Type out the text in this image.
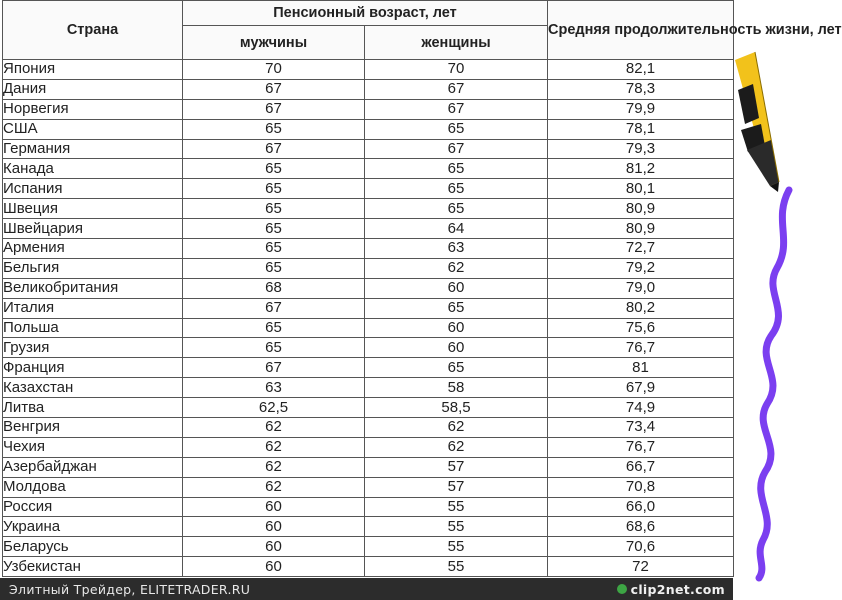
Страна	Пенсионный возраст, лет		Средняя продолжительность жизни, лет
	мужчины	женщины	
Япония	70	70	82,1
Дания	67	67	78,3
Норвегия	67	67	79,9
США	65	65	78,1
Германия	67	67	79,3
Канада	65	65	81,2
Испания	65	65	80,1
Швеция	65	65	80,9
Швейцария	65	64	80,9
Армения	65	63	72,7
Бельгия	65	62	79,2
Великобритания	68	60	79,0
Италия	67	65	80,2
Польша	65	60	75,6
Грузия	65	60	76,7
Франция	67	65	81
Казахстан	63	58	67,9
Литва	62,5	58,5	74,9
Венгрия	62	62	73,4
Чехия	62	62	76,7
Азербайджан	62	57	66,7
Молдова	62	57	70,8
Россия	60	55	66,0
Украина	60	55	68,6
Беларусь	60	55	70,6
Узбекистан	60	55	72
Элитный Трейдер, ELITETRADER.RU	clip2net.com
